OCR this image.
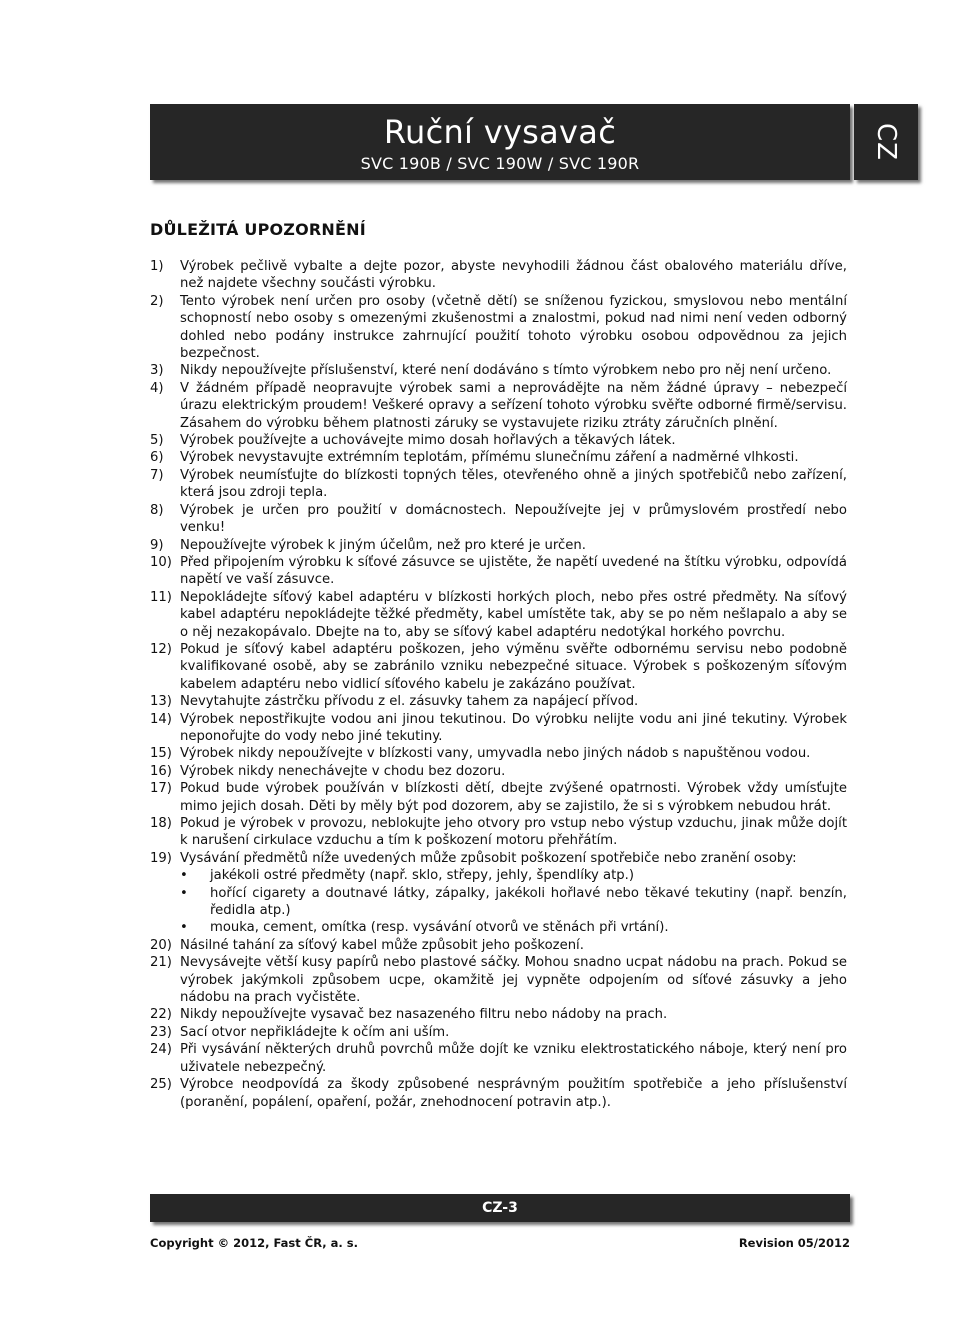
Ruční vysavač
SVC 190B / SVC 190W / SVC 190R
CZ
DŮLEŽITÁ UPOZORNĚNÍ
1)	Výrobek pečlivě vybalte a dejte pozor, abyste nevyhodili žádnou část obalového materiálu dříve, než najdete všechny součásti výrobku.
2)	Tento výrobek není určen pro osoby (včetně dětí) se sníženou fyzickou, smyslovou nebo mentální schopností nebo osoby s omezenými zkušenostmi a znalostmi, pokud nad nimi není veden odborný dohled nebo podány instrukce zahrnující použití tohoto výrobku osobou odpovědnou za jejich bezpečnost.
3)	Nikdy nepoužívejte příslušenství, které není dodáváno s tímto výrobkem nebo pro něj není určeno.
4)	V žádném případě neopravujte výrobek sami a neprovádějte na něm žádné úpravy – nebezpečí úrazu elektrickým proudem! Veškeré opravy a seřízení tohoto výrobku svěřte odborné firmě/servisu. Zásahem do výrobku během platnosti záruky se vystavujete riziku ztráty záručních plnění.
5)	Výrobek používejte a uchovávejte mimo dosah hořlavých a těkavých látek.
6)	Výrobek nevystavujte extrémním teplotám, přímému slunečnímu záření a nadměrné vlhkosti.
7)	Výrobek neumísťujte do blízkosti topných těles, otevřeného ohně a jiných spotřebičů nebo zařízení, která jsou zdroji tepla.
8)	Výrobek je určen pro použití v domácnostech. Nepoužívejte jej v průmyslovém prostředí nebo venku!
9)	Nepoužívejte výrobek k jiným účelům, než pro které je určen.
10) Před připojením výrobku k síťové zásuvce se ujistěte, že napětí uvedené na štítku výrobku, odpovídá napětí ve vaší zásuvce.
11) Nepokládejte síťový kabel adaptéru v blízkosti horkých ploch, nebo přes ostré předměty. Na síťový kabel adaptéru nepokládejte těžké předměty, kabel umístěte tak, aby se po něm nešlapalo a aby se o něj nezakopávalo. Dbejte na to, aby se síťový kabel adaptéru nedotýkal horkého povrchu.
12) Pokud je síťový kabel adaptéru poškozen, jeho výměnu svěřte odbornému servisu nebo podobně kvalifikované osobě, aby se zabránilo vzniku nebezpečné situace. Výrobek s poškozeným síťovým kabelem adaptéru nebo vidlicí síťového kabelu je zakázáno používat.
13) Nevytahujte zástrčku přívodu z el. zásuvky tahem za napájecí přívod.
14) Výrobek nepostřikujte vodou ani jinou tekutinou. Do výrobku nelijte vodu ani jiné tekutiny. Výrobek neponořujte do vody nebo jiné tekutiny.
15) Výrobek nikdy nepoužívejte v blízkosti vany, umyvadla nebo jiných nádob s napuštěnou vodou.
16) Výrobek nikdy nenechávejte v chodu bez dozoru.
17) Pokud bude výrobek používán v blízkosti dětí, dbejte zvýšené opatrnosti. Výrobek vždy umísťujte mimo jejich dosah. Děti by měly být pod dozorem, aby se zajistilo, že si s výrobkem nebudou hrát.
18) Pokud je výrobek v provozu, neblokujte jeho otvory pro vstup nebo výstup vzduchu, jinak může dojít k narušení cirkulace vzduchu a tím k poškození motoru přehřátím.
19) Vysávání předmětů níže uvedených může způsobit poškození spotřebiče nebo zranění osoby:
•	jakékoli ostré předměty (např. sklo, střepy, jehly, špendlíky atp.)
•	hořící cigarety a doutnavé látky, zápalky, jakékoli hořlavé nebo těkavé tekutiny (např. benzín, ředidla atp.)
•	mouka, cement, omítka (resp. vysávání otvorů ve stěnách při vrtání).
20) Násilné tahání za síťový kabel může způsobit jeho poškození.
21) Nevysávejte větší kusy papírů nebo plastové sáčky. Mohou snadno ucpat nádobu na prach. Pokud se výrobek jakýmkoli způsobem ucpe, okamžitě jej vypněte odpojením od síťové zásuvky a jeho nádobu na prach vyčistěte.
22) Nikdy nepoužívejte vysavač bez nasazeného filtru nebo nádoby na prach.
23) Sací otvor nepřikládejte k očím ani uším.
24) Při vysávání některých druhů povrchů může dojít ke vzniku elektrostatického náboje, který není pro uživatele nebezpečný.
25) Výrobce neodpovídá za škody způsobené nesprávným použitím spotřebiče a jeho příslušenství (poranění, popálení, opaření, požár, znehodnocení potravin atp.).
CZ-3
Copyright © 2012, Fast ČR, a. s.	Revision 05/2012
